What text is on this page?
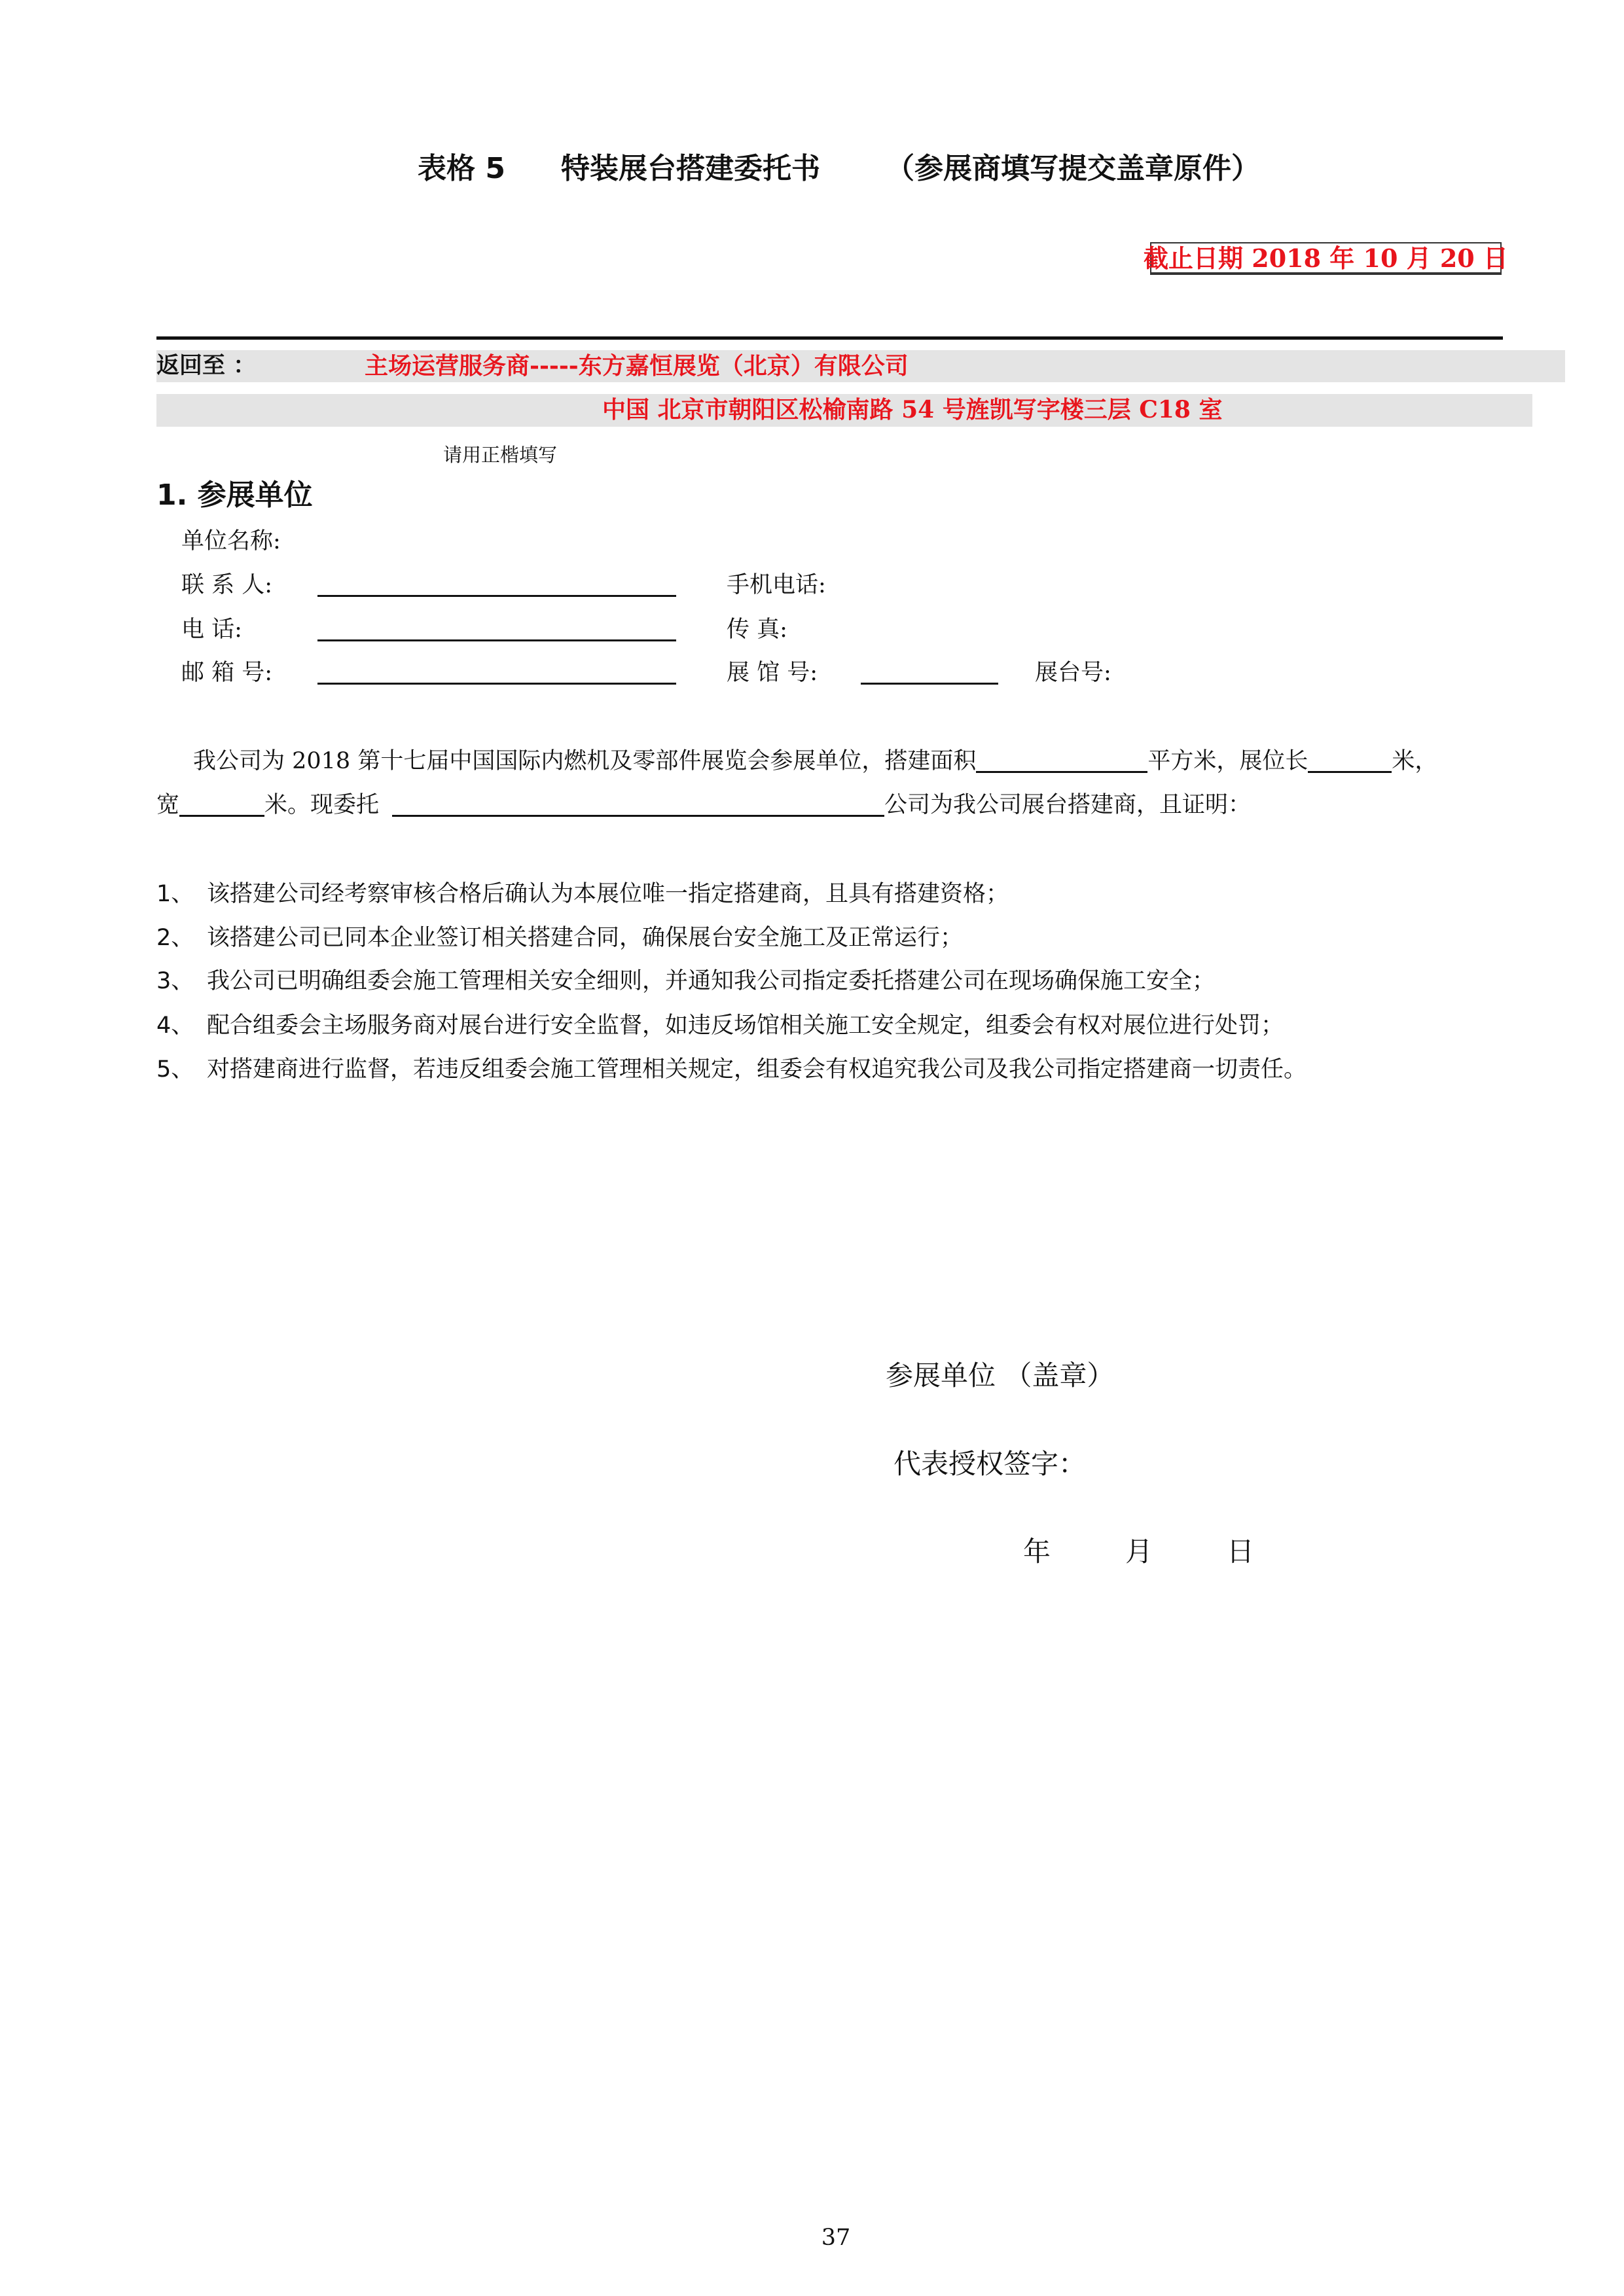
表格 5 特装展台搭建委托书 （参展商填写提交盖章原件）
截止日期 2018 年 10 月 20 日
返回至 ：	主场运营服务商-----东方嘉恒展览（北京）有限公司
中国 北京市朝阳区松榆南路 54 号旌凯写字楼三层 C18 室
请用正楷填写
1. 参展单位
单位名称:
联 系 人:	手机电话:
电 话:	传 真:
邮 箱 号:	展 馆 号:	展台号:
我公司为 2018 第十七届中国国际内燃机及零部件展览会参展单位，搭建面积	平方米，展位长	米，
宽	米。现委托	公司为我公司展台搭建商，且证明：
1、 该搭建公司经考察审核合格后确认为本展位唯一指定搭建商，且具有搭建资格；
2、 该搭建公司已同本企业签订相关搭建合同，确保展台安全施工及正常运行；
3、 我公司已明确组委会施工管理相关安全细则，并通知我公司指定委托搭建公司在现场确保施工安全；
4、 配合组委会主场服务商对展台进行安全监督，如违反场馆相关施工安全规定，组委会有权对展位进行处罚；
5、 对搭建商进行监督，若违反组委会施工管理相关规定，组委会有权追究我公司及我公司指定搭建商一切责任。
参展单位 （盖章）
代表授权签字：
年	月	日
37
